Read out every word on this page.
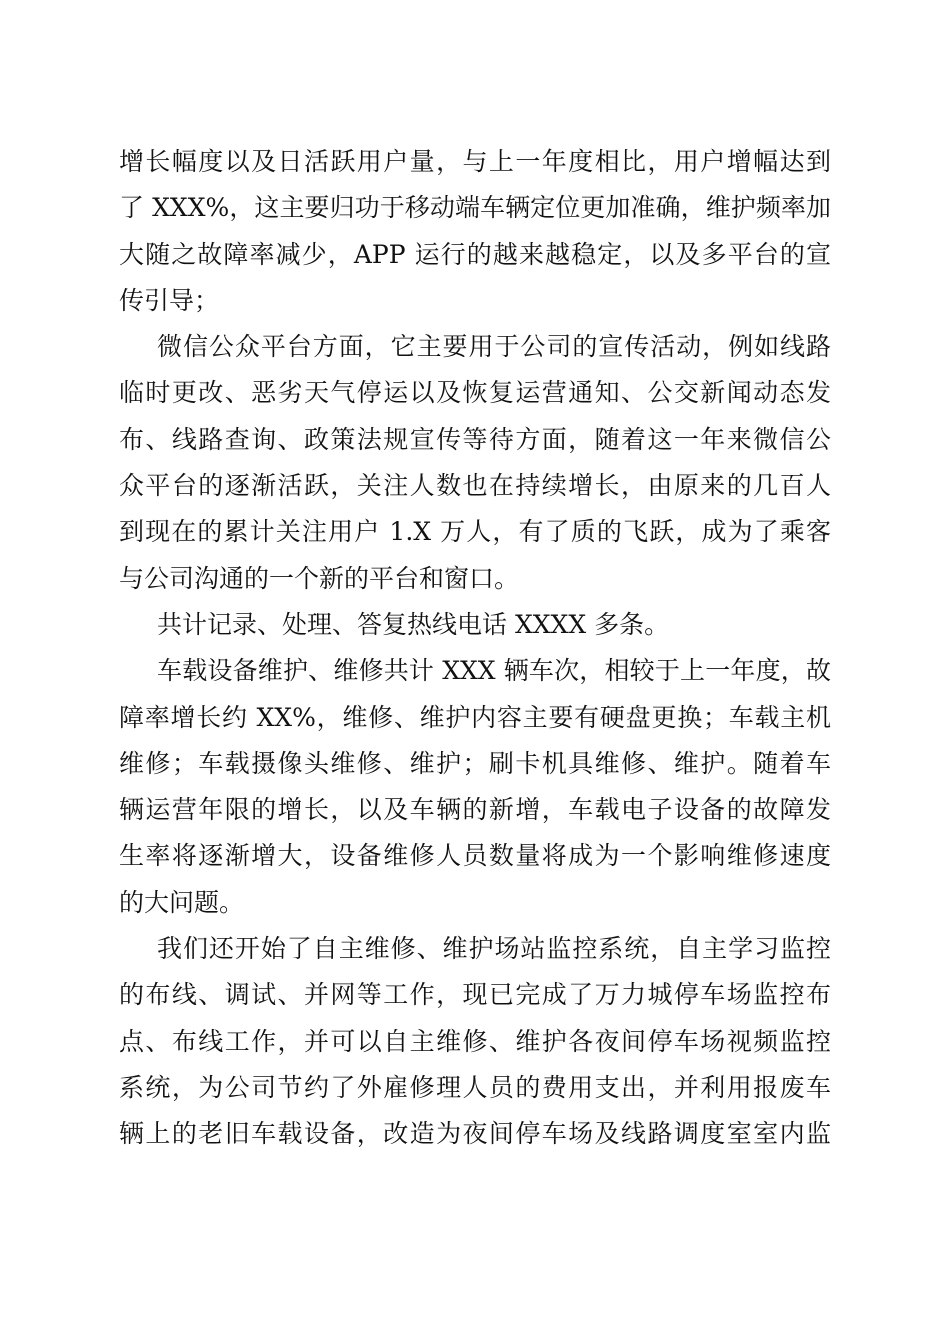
增长幅度以及日活跃用户量，与上一年度相比，用户增幅达到
了 XXX%，这主要归功于移动端车辆定位更加准确，维护频率加
大随之故障率减少，APP 运行的越来越稳定，以及多平台的宣
传引导；
微信公众平台方面，它主要用于公司的宣传活动，例如线路
临时更改、恶劣天气停运以及恢复运营通知、公交新闻动态发
布、线路查询、政策法规宣传等待方面，随着这一年来微信公
众平台的逐渐活跃，关注人数也在持续增长，由原来的几百人
到现在的累计关注用户 1.X 万人，有了质的飞跃，成为了乘客
与公司沟通的一个新的平台和窗口。
共计记录、处理、答复热线电话 XXXX 多条。
车载设备维护、维修共计 XXX 辆车次，相较于上一年度，故
障率增长约 XX%，维修、维护内容主要有硬盘更换；车载主机
维修；车载摄像头维修、维护；刷卡机具维修、维护。随着车
辆运营年限的增长，以及车辆的新增，车载电子设备的故障发
生率将逐渐增大，设备维修人员数量将成为一个影响维修速度
的大问题。
我们还开始了自主维修、维护场站监控系统，自主学习监控
的布线、调试、并网等工作，现已完成了万力城停车场监控布
点、布线工作，并可以自主维修、维护各夜间停车场视频监控
系统，为公司节约了外雇修理人员的费用支出，并利用报废车
辆上的老旧车载设备，改造为夜间停车场及线路调度室室内监
